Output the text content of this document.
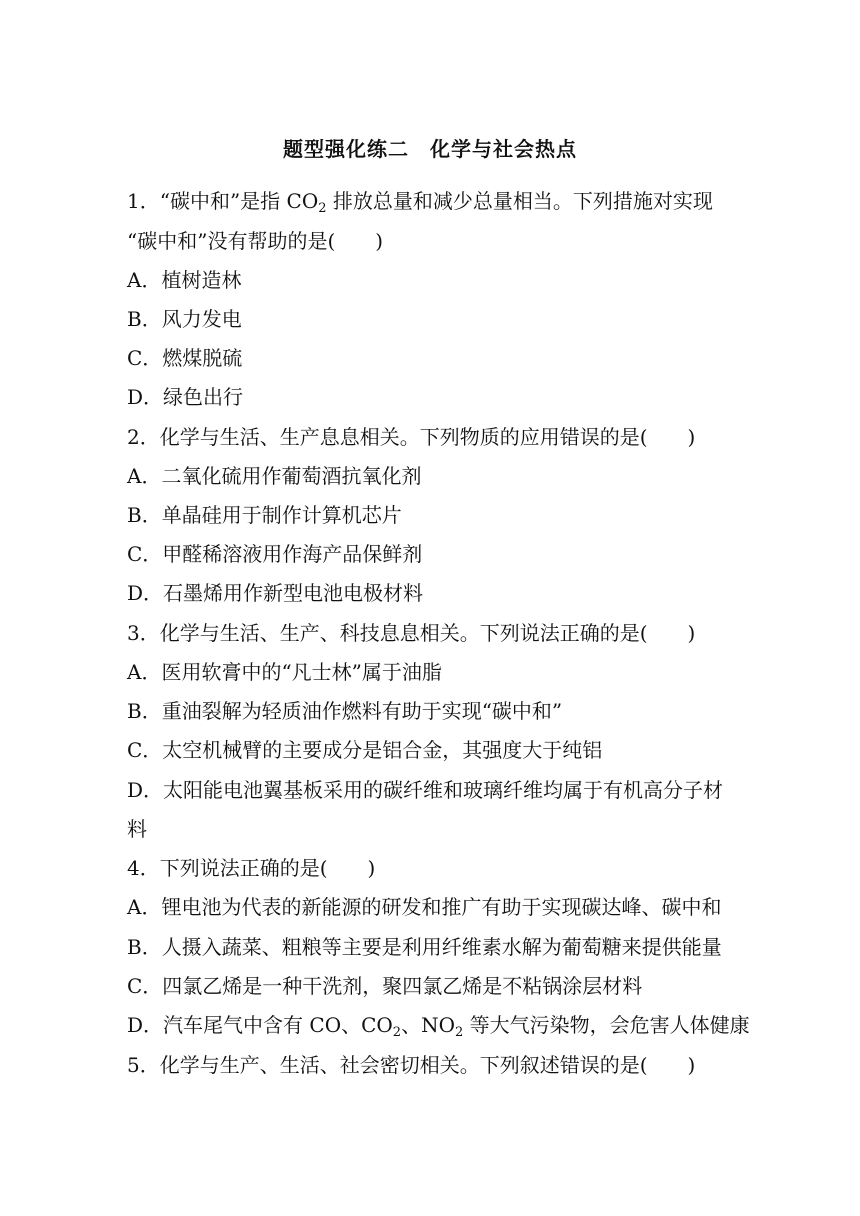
题型强化练二　化学与社会热点
1．“碳中和”是指 $CO_2$ 排放总量和减少总量相当。下列措施对实现
“碳中和”没有帮助的是(　　)
A．植树造林
B．风力发电
C．燃煤脱硫
D．绿色出行
2．化学与生活、生产息息相关。下列物质的应用错误的是(　　)
A．二氧化硫用作葡萄酒抗氧化剂
B．单晶硅用于制作计算机芯片
C．甲醛稀溶液用作海产品保鲜剂
D．石墨烯用作新型电池电极材料
3．化学与生活、生产、科技息息相关。下列说法正确的是(　　)
A．医用软膏中的“凡士林”属于油脂
B．重油裂解为轻质油作燃料有助于实现“碳中和”
C．太空机械臂的主要成分是铝合金，其强度大于纯铝
D．太阳能电池翼基板采用的碳纤维和玻璃纤维均属于有机高分子材
料
4．下列说法正确的是(　　)
A．锂电池为代表的新能源的研发和推广有助于实现碳达峰、碳中和
B．人摄入蔬菜、粗粮等主要是利用纤维素水解为葡萄糖来提供能量
C．四氯乙烯是一种干洗剂，聚四氯乙烯是不粘锅涂层材料
D．汽车尾气中含有 CO、$CO_2$、$NO_2$ 等大气污染物，会危害人体健康
5．化学与生产、生活、社会密切相关。下列叙述错误的是(　　)
